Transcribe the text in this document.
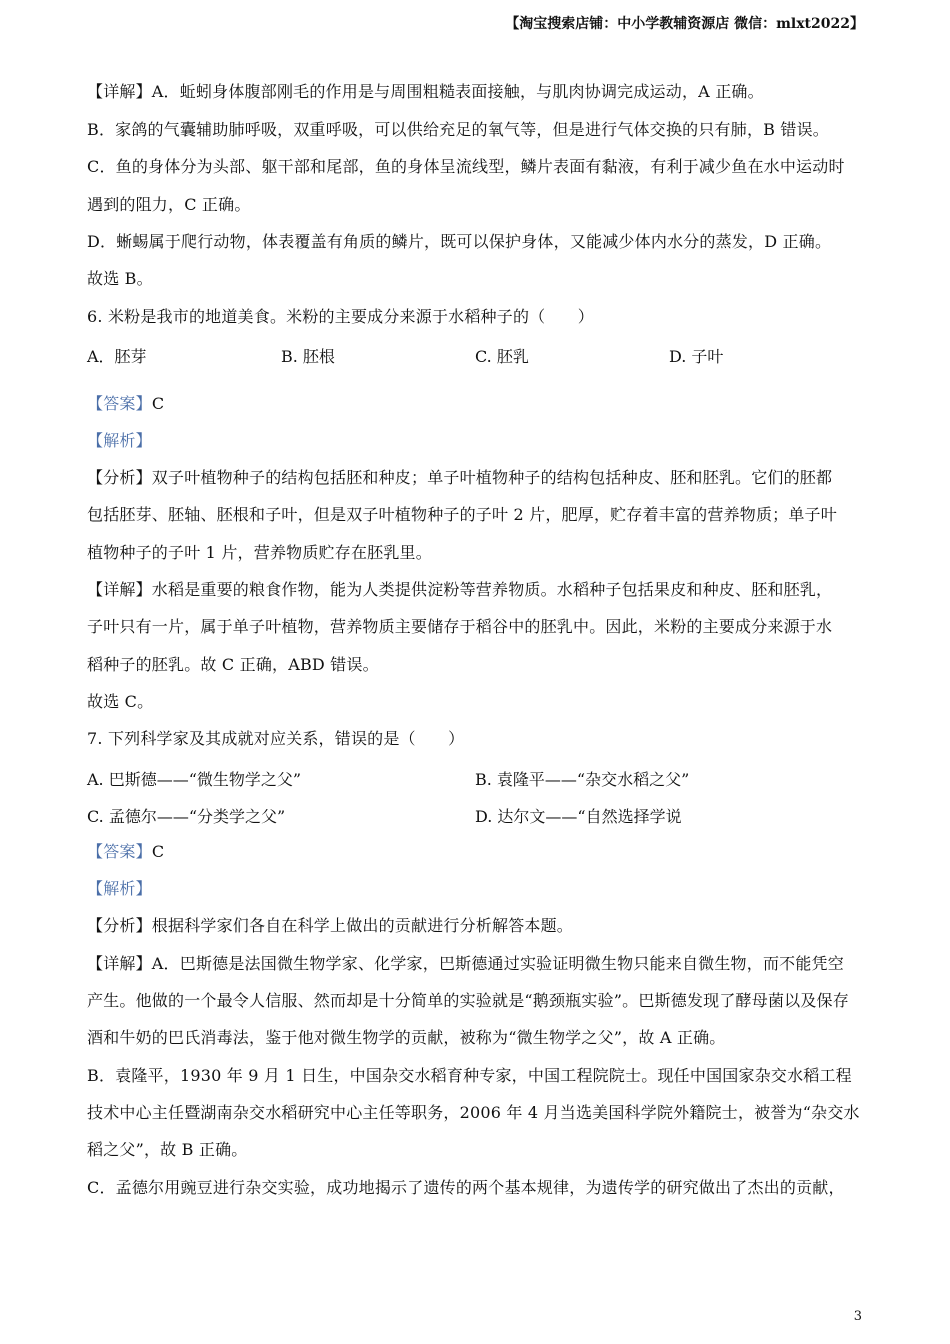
【淘宝搜索店铺：中小学教辅资源店 微信：mlxt2022】
【详解】A．蚯蚓身体腹部刚毛的作用是与周围粗糙表面接触，与肌肉协调完成运动，A 正确。
B．家鸽的气囊辅助肺呼吸，双重呼吸，可以供给充足的氧气等，但是进行气体交换的只有肺，B 错误。
C．鱼的身体分为头部、躯干部和尾部，鱼的身体呈流线型，鳞片表面有黏液，有利于减少鱼在水中运动时
遇到的阻力，C 正确。
D．蜥蜴属于爬行动物，体表覆盖有角质的鳞片，既可以保护身体，又能减少体内水分的蒸发，D 正确。
故选 B。
6. 米粉是我市的地道美食。米粉的主要成分来源于水稻种子的（　　）
A．胚芽	B. 胚根	C. 胚乳	D. 子叶
【答案】C
【解析】
【分析】双子叶植物种子的结构包括胚和种皮；单子叶植物种子的结构包括种皮、胚和胚乳。它们的胚都
包括胚芽、胚轴、胚根和子叶，但是双子叶植物种子的子叶 2 片，肥厚，贮存着丰富的营养物质；单子叶
植物种子的子叶 1 片，营养物质贮存在胚乳里。
【详解】水稻是重要的粮食作物，能为人类提供淀粉等营养物质。水稻种子包括果皮和种皮、胚和胚乳，
子叶只有一片，属于单子叶植物，营养物质主要储存于稻谷中的胚乳中。因此，米粉的主要成分来源于水
稻种子的胚乳。故 C 正确，ABD 错误。
故选 C。
7. 下列科学家及其成就对应关系，错误的是（　　）
A. 巴斯德——“微生物学之父”	B. 袁隆平——“杂交水稻之父”
C. 孟德尔——“分类学之父”	D. 达尔文——“自然选择学说
【答案】C
【解析】
【分析】根据科学家们各自在科学上做出的贡献进行分析解答本题。
【详解】A．巴斯德是法国微生物学家、化学家，巴斯德通过实验证明微生物只能来自微生物，而不能凭空
产生。他做的一个最令人信服、然而却是十分简单的实验就是“鹅颈瓶实验”。巴斯德发现了酵母菌以及保存
酒和牛奶的巴氏消毒法，鉴于他对微生物学的贡献，被称为“微生物学之父”，故 A 正确。
B．袁隆平，1930 年 9 月 1 日生，中国杂交水稻育种专家，中国工程院院士。现任中国国家杂交水稻工程
技术中心主任暨湖南杂交水稻研究中心主任等职务，2006 年 4 月当选美国科学院外籍院士，被誉为“杂交水
稻之父”，故 B 正确。
C．孟德尔用豌豆进行杂交实验，成功地揭示了遗传的两个基本规律，为遗传学的研究做出了杰出的贡献，
3
